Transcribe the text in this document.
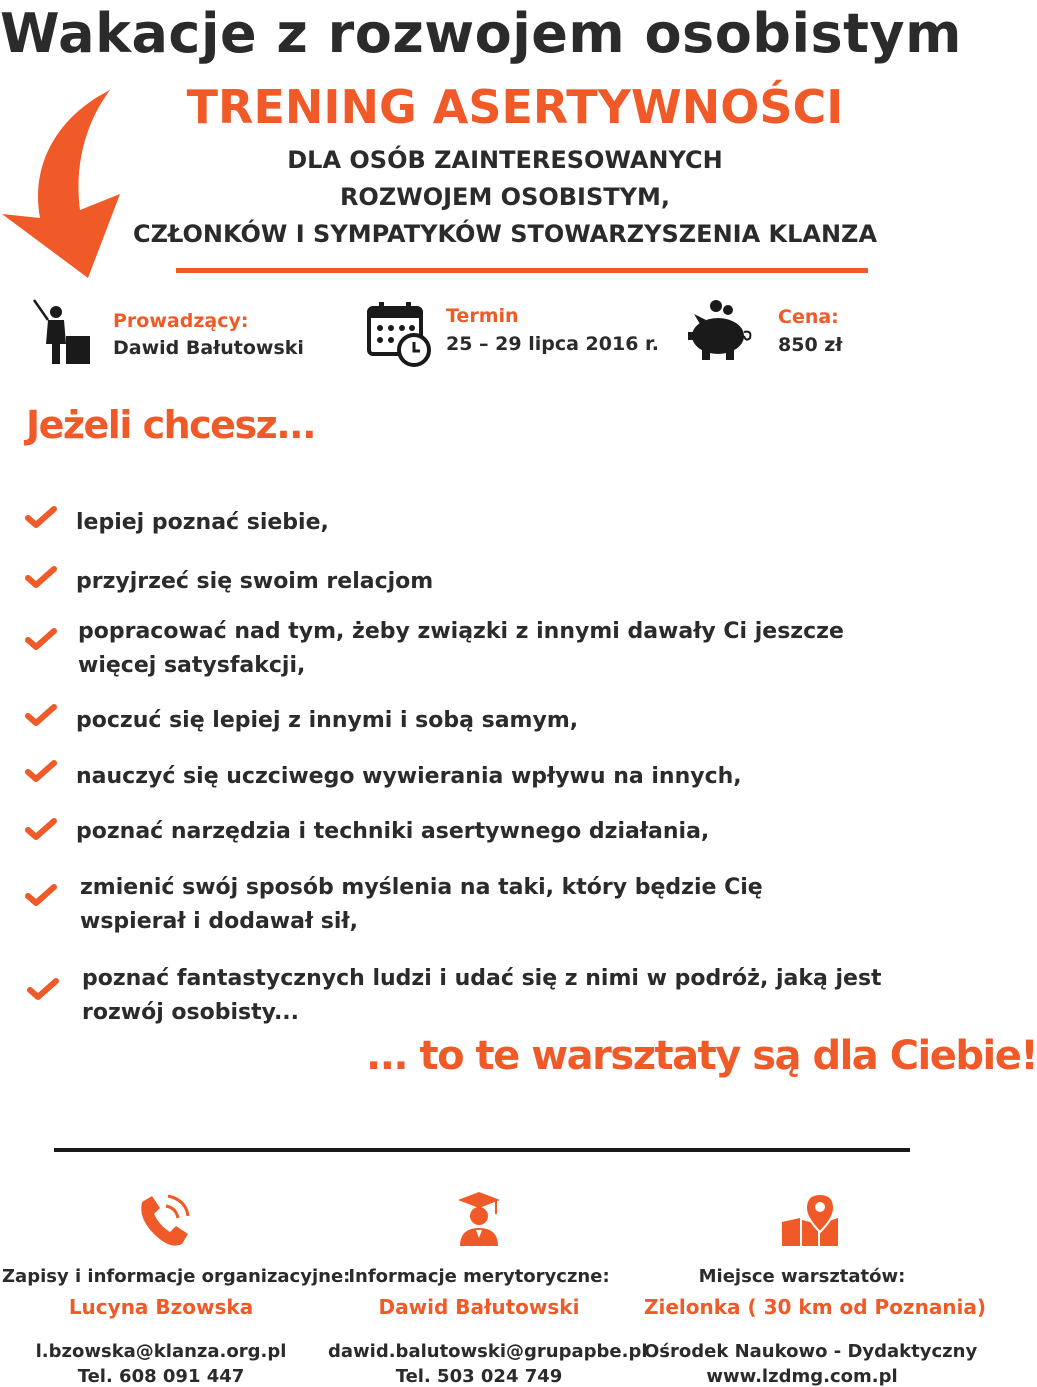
Wakacje z rozwojem osobistym
TRENING ASERTYWNOŚCI
DLA OSÓB ZAINTERESOWANYCH
ROZWOJEM OSOBISTYM,
CZŁONKÓW I SYMPATYKÓW STOWARZYSZENIA KLANZA
Prowadzący:
Dawid Bałutowski
Termin
25 – 29 lipca 2016 r.
Cena:
850 zł
Jeżeli chcesz...
lepiej poznać siebie,
przyjrzeć się swoim relacjom
popracować nad tym, żeby związki z innymi dawały Ci jeszcze więcej satysfakcji,
poczuć się lepiej z innymi i sobą samym,
nauczyć się uczciwego wywierania wpływu na innych,
poznać narzędzia i techniki asertywnego działania,
zmienić swój sposób myślenia na taki, który będzie Cię wspierał i dodawał sił,
poznać fantastycznych ludzi i udać się z nimi w podróż, jaką jest rozwój osobisty...
... to te warsztaty są dla Ciebie!
Zapisy i informacje organizacyjne:
Lucyna Bzowska
l.bzowska@klanza.org.pl
Tel. 608 091 447
Informacje merytoryczne:
Dawid Bałutowski
dawid.balutowski@grupapbe.pl
Tel. 503 024 749
Miejsce warsztatów:
Zielonka ( 30 km od Poznania)
Ośrodek Naukowo - Dydaktyczny
www.lzdmg.com.pl
